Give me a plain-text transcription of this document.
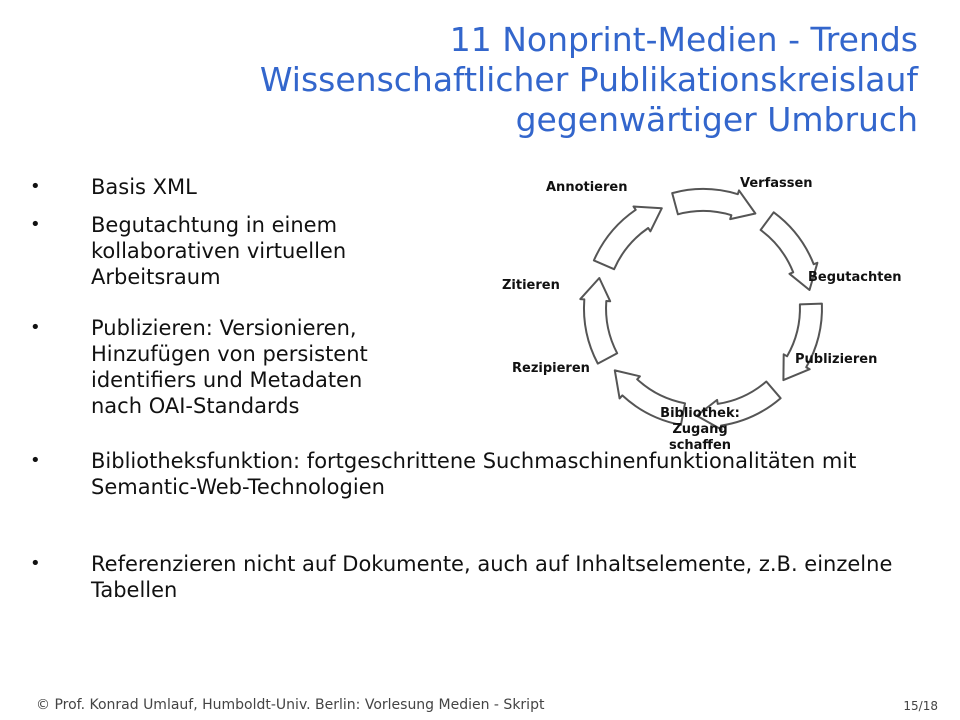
11 Nonprint-Medien - Trends
Wissenschaftlicher Publikationskreislauf
gegenwärtiger Umbruch
•	Basis XML
•	Begutachtung in einem kollaborativen virtuellen Arbeitsraum
•	Publizieren: Versionieren, Hinzufügen von persistent identifiers und Metadaten nach OAI-Standards
•	Bibliotheksfunktion: fortgeschrittene Suchmaschinenfunktionalitäten mit Semantic-Web-Technologien
•	Referenzieren nicht auf Dokumente, auch auf Inhaltselemente, z.B. einzelne Tabellen
Annotieren	Verfassen
Begutachten
Zitieren
Publizieren
Rezipieren
Bibliothek: Zugang schaffen
© Prof. Konrad Umlauf, Humboldt-Univ. Berlin: Vorlesung Medien - Skript	15/18
